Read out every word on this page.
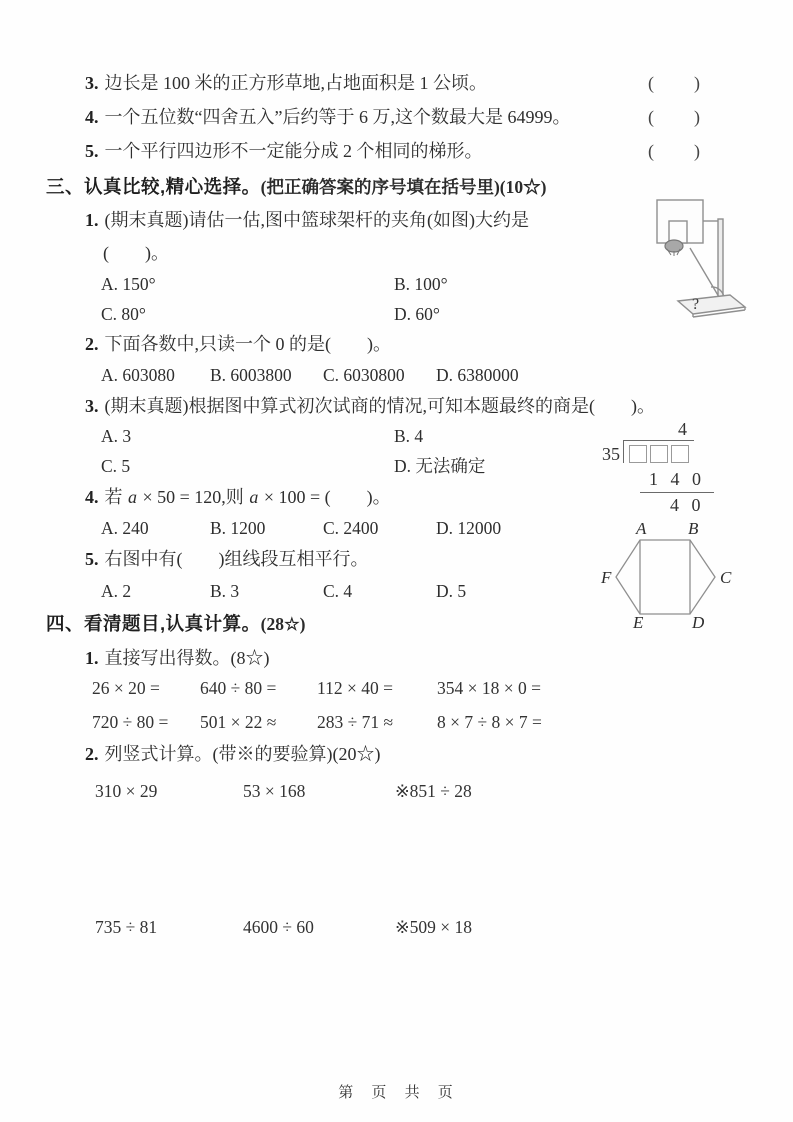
3. 边长是 100 米的正方形草地,占地面积是 1 公顷。	( )
4. 一个五位数“四舍五入”后约等于 6 万,这个数最大是 64999。	( )
5. 一个平行四边形不一定能分成 2 个相同的梯形。	( )
三、认真比较,精心选择。(把正确答案的序号填在括号里)(10☆)
1. (期末真题)请估一估,图中篮球架杆的夹角(如图)大约是
(　　)。
A. 150°	B. 100°
C. 80°	D. 60°
2. 下面各数中,只读一个 0 的是(　　)。
A. 603080	B. 6003800	C. 6030800	D. 6380000
3. (期末真题)根据图中算式初次试商的情况,可知本题最终的商是(　　)。
A. 3	B. 4
C. 5	D. 无法确定
4. 若 a × 50 = 120,则 a × 100 = (　　)。
A. 240	B. 1200	C. 2400	D. 12000
5. 右图中有(　　)组线段互相平行。
A. 2	B. 3	C. 4	D. 5
四、看清题目,认真计算。(28☆)
1. 直接写出得数。(8☆)
26 × 20 =	640 ÷ 80 =	112 × 40 =	354 × 18 × 0 =
720 ÷ 80 =	501 × 22 ≈	283 ÷ 71 ≈	8 × 7 ÷ 8 × 7 =
2. 列竖式计算。(带※的要验算)(20☆)
310 × 29	53 × 168	※851 ÷ 28
735 ÷ 81	4600 ÷ 60	※509 × 18
?
4
35
1 4 0
4 0
A B
C
D
E
F
第 页 共 页
